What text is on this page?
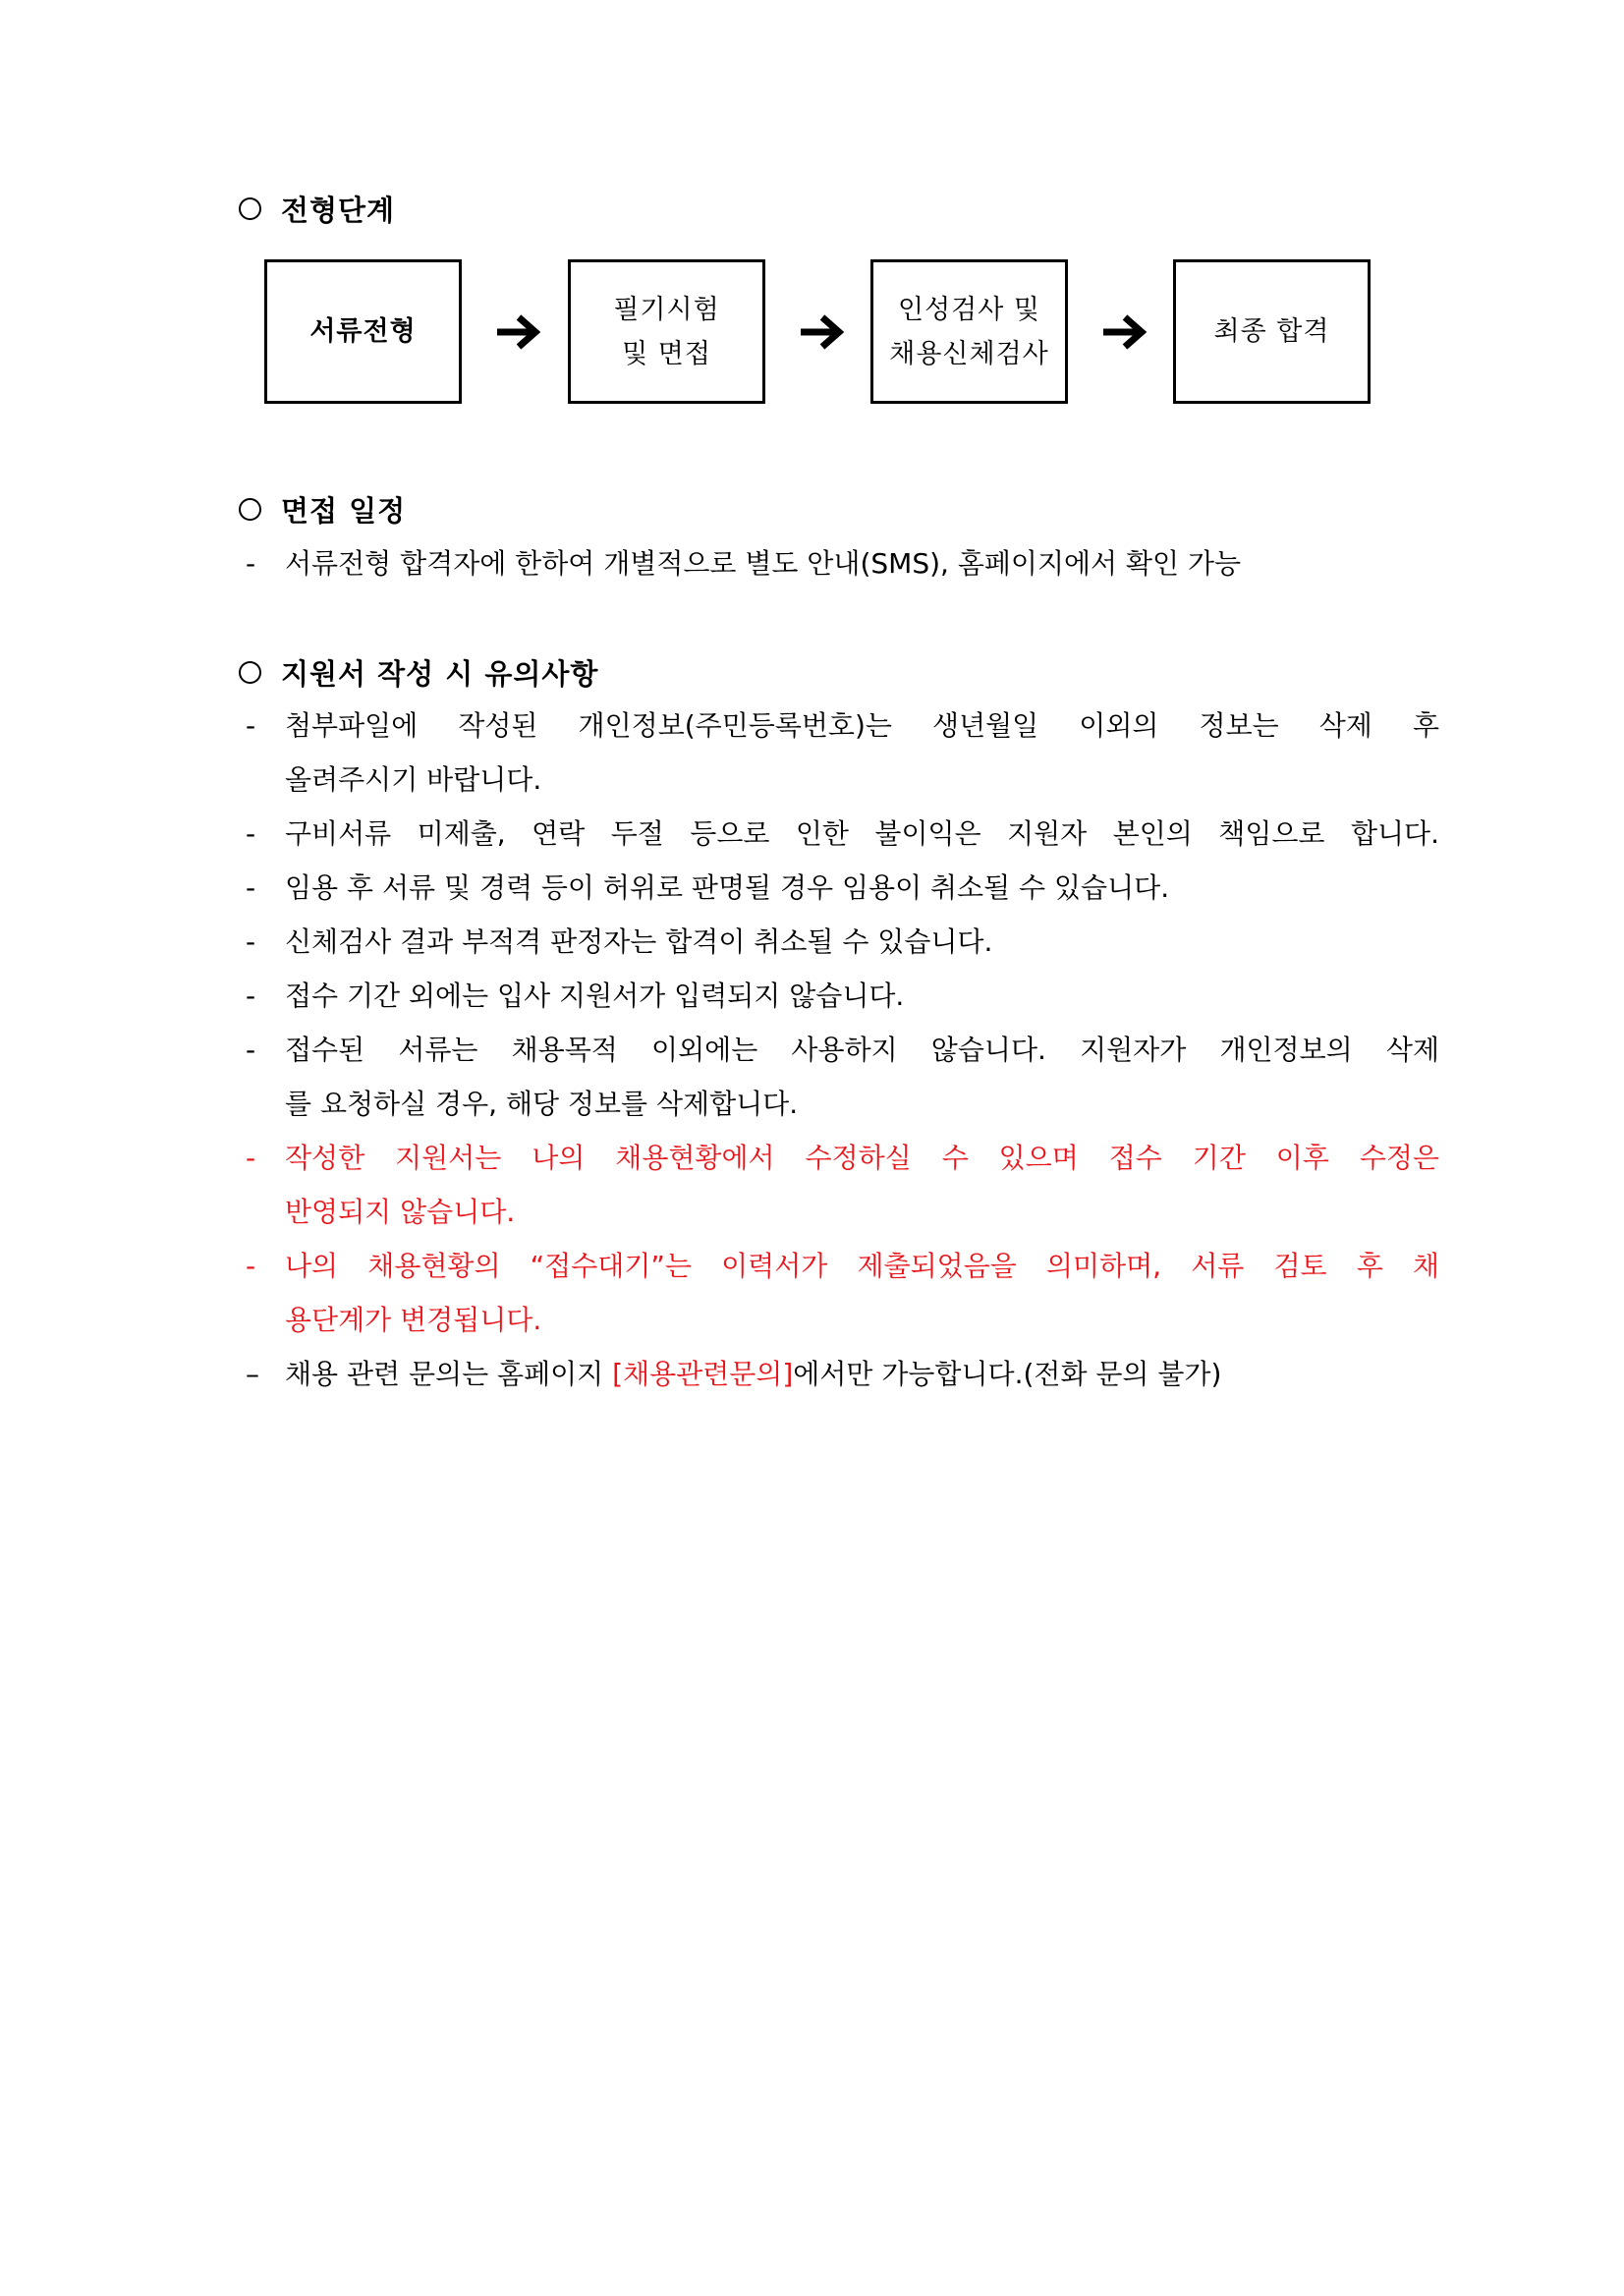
전형단계
서류전형
필기시험
및 면접
인성검사 및
채용신체검사
최종 합격
면접 일정
-	서류전형 합격자에 한하여 개별적으로 별도 안내(SMS), 홈페이지에서 확인 가능
지원서 작성 시 유의사항
-	첨부파일에 작성된 개인정보(주민등록번호)는 생년월일 이외의 정보는 삭제 후
올려주시기 바랍니다.
-	구비서류 미제출, 연락 두절 등으로 인한 불이익은 지원자 본인의 책임으로 합니다.
-	임용 후 서류 및 경력 등이 허위로 판명될 경우 임용이 취소될 수 있습니다.
-	신체검사 결과 부적격 판정자는 합격이 취소될 수 있습니다.
-	접수 기간 외에는 입사 지원서가 입력되지 않습니다.
-	접수된 서류는 채용목적 이외에는 사용하지 않습니다. 지원자가 개인정보의 삭제
를 요청하실 경우, 해당 정보를 삭제합니다.
-	작성한 지원서는 나의 채용현황에서 수정하실 수 있으며 접수 기간 이후 수정은
반영되지 않습니다.
-	나의 채용현황의 “접수대기”는 이력서가 제출되었음을 의미하며, 서류 검토 후 채
용단계가 변경됩니다.
– 채용 관련 문의는 홈페이지 [채용관련문의]에서만 가능합니다.(전화 문의 불가)
